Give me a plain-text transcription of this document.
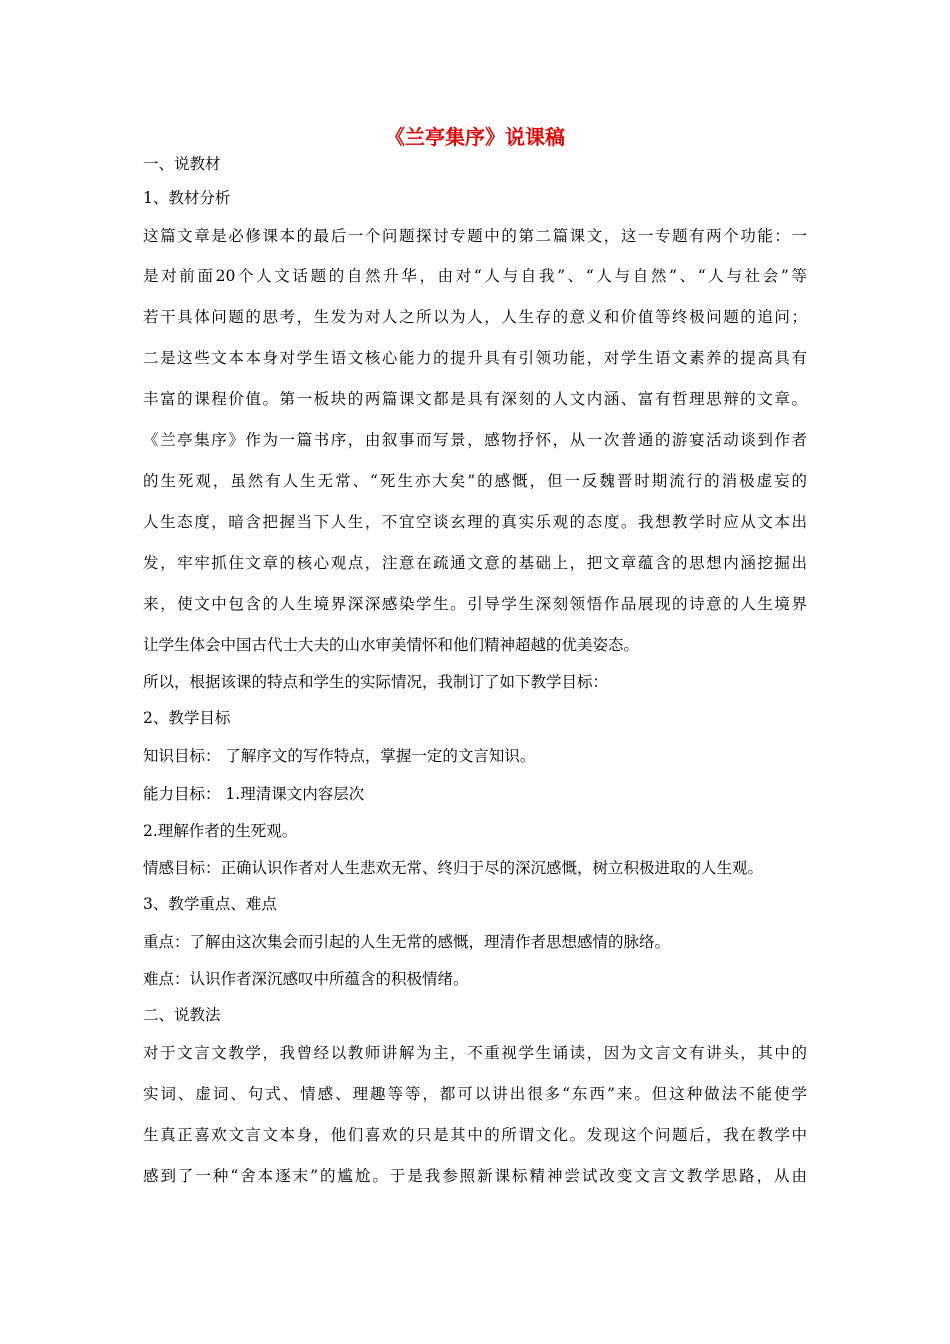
《兰亭集序》说课稿
一、说教材
1、教材分析
这篇文章是必修课本的最后一个问题探讨专题中的第二篇课文，这一专题有两个功能：一
是对前面20个人文话题的自然升华，由对“人与自我”、“人与自然”、“人与社会”等
若干具体问题的思考，生发为对人之所以为人，人生存的意义和价值等终极问题的追问；
二是这些文本本身对学生语文核心能力的提升具有引领功能，对学生语文素养的提高具有
丰富的课程价值。第一板块的两篇课文都是具有深刻的人文内涵、富有哲理思辩的文章。
《兰亭集序》作为一篇书序，由叙事而写景，感物抒怀，从一次普通的游宴活动谈到作者
的生死观，虽然有人生无常、“死生亦大矣”的感慨，但一反魏晋时期流行的消极虚妄的
人生态度，暗含把握当下人生，不宜空谈玄理的真实乐观的态度。我想教学时应从文本出
发，牢牢抓住文章的核心观点，注意在疏通文意的基础上，把文章蕴含的思想内涵挖掘出
来，使文中包含的人生境界深深感染学生。引导学生深刻领悟作品展现的诗意的人生境界
让学生体会中国古代士大夫的山水审美情怀和他们精神超越的优美姿态。
所以，根据该课的特点和学生的实际情况，我制订了如下教学目标：
2、教学目标
知识目标： 了解序文的写作特点，掌握一定的文言知识。
能力目标： 1.理清课文内容层次
2.理解作者的生死观。
情感目标：正确认识作者对人生悲欢无常、终归于尽的深沉感慨，树立积极进取的人生观。
3、教学重点、难点
重点：了解由这次集会而引起的人生无常的感慨，理清作者思想感情的脉络。
难点：认识作者深沉感叹中所蕴含的积极情绪。
二、说教法
对于文言文教学，我曾经以教师讲解为主，不重视学生诵读，因为文言文有讲头，其中的
实词、虚词、句式、情感、理趣等等，都可以讲出很多“东西”来。但这种做法不能使学
生真正喜欢文言文本身，他们喜欢的只是其中的所谓文化。发现这个问题后，我在教学中
感到了一种“舍本逐末”的尴尬。于是我参照新课标精神尝试改变文言文教学思路，从由
